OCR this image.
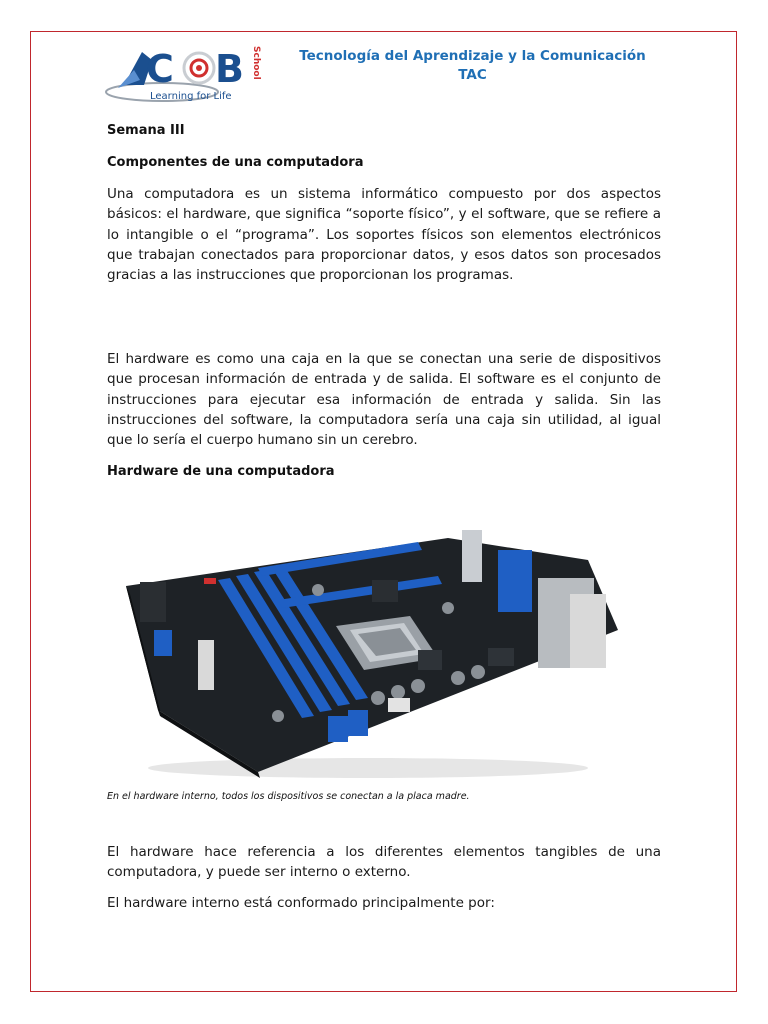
C B School
Learning for Life
Tecnología del Aprendizaje y la Comunicación
TAC
Semana III
Componentes de una computadora

Una computadora es un sistema informático compuesto por dos aspectos básicos: el hardware, que significa “soporte físico”, y el software, que se refiere a lo intangible o el “programa”. Los soportes físicos son elementos electrónicos que trabajan conectados para proporcionar datos, y esos datos son procesados gracias a las instrucciones que proporcionan los programas.

El hardware es como una caja en la que se conectan una serie de dispositivos que procesan información de entrada y de salida. El software es el conjunto de instrucciones para ejecutar esa información de entrada y salida. Sin las instrucciones del software, la computadora sería una caja sin utilidad, al igual que lo sería el cuerpo humano sin un cerebro.

Hardware de una computadora
En el hardware interno, todos los dispositivos se conectan a la placa madre.

El hardware hace referencia a los diferentes elementos tangibles de una computadora, y puede ser interno o externo.

El hardware interno está conformado principalmente por:
